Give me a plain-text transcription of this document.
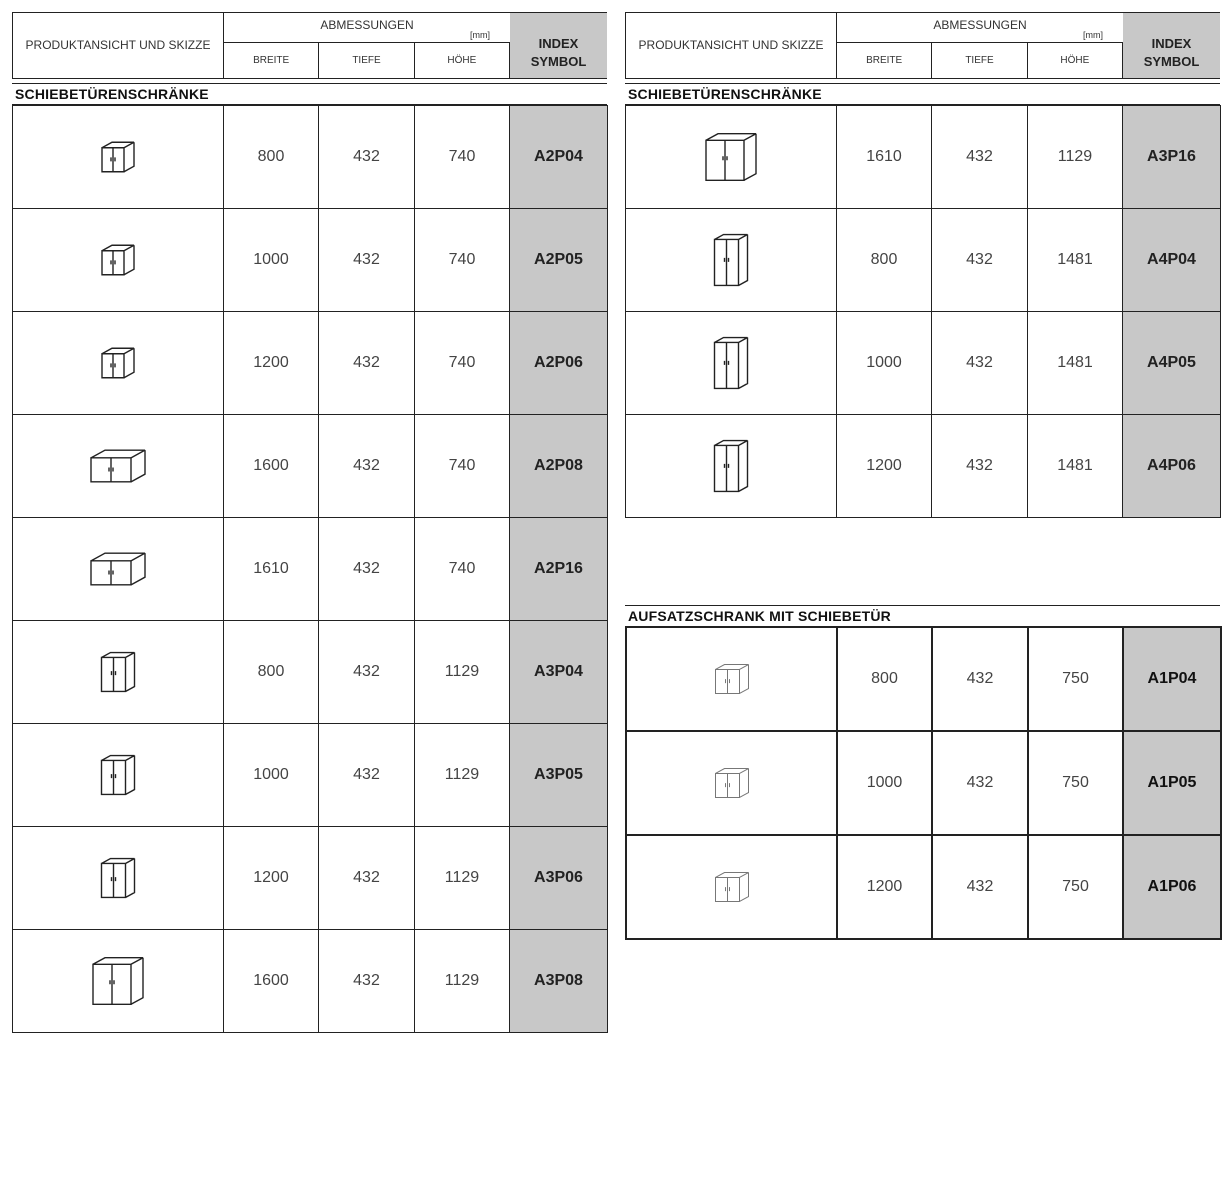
PRODUKTANSICHT UND SKIZZE
ABMESSUNGEN
[mm]
BREITE	TIEFE	HÖHE
INDEX
SYMBOL
SCHIEBETÜRENSCHRÄNKE
	800	432	740	A2P04

	1000	432	740	A2P05

	1200	432	740	A2P06

	1600	432	740	A2P08

	1610	432	740	A2P16

	800	432	1129	A3P04

	1000	432	1129	A3P05

	1200	432	1129	A3P06

	1600	432	1129	A3P08
PRODUKTANSICHT UND SKIZZE
ABMESSUNGEN
[mm]
BREITE	TIEFE	HÖHE
INDEX
SYMBOL
SCHIEBETÜRENSCHRÄNKE
	1610	432	1129	A3P16

	800	432	1481	A4P04

	1000	432	1481	A4P05

	1200	432	1481	A4P06
AUFSATZSCHRANK MIT SCHIEBETÜR
	800	432	750	A1P04

	1000	432	750	A1P05

	1200	432	750	A1P06
